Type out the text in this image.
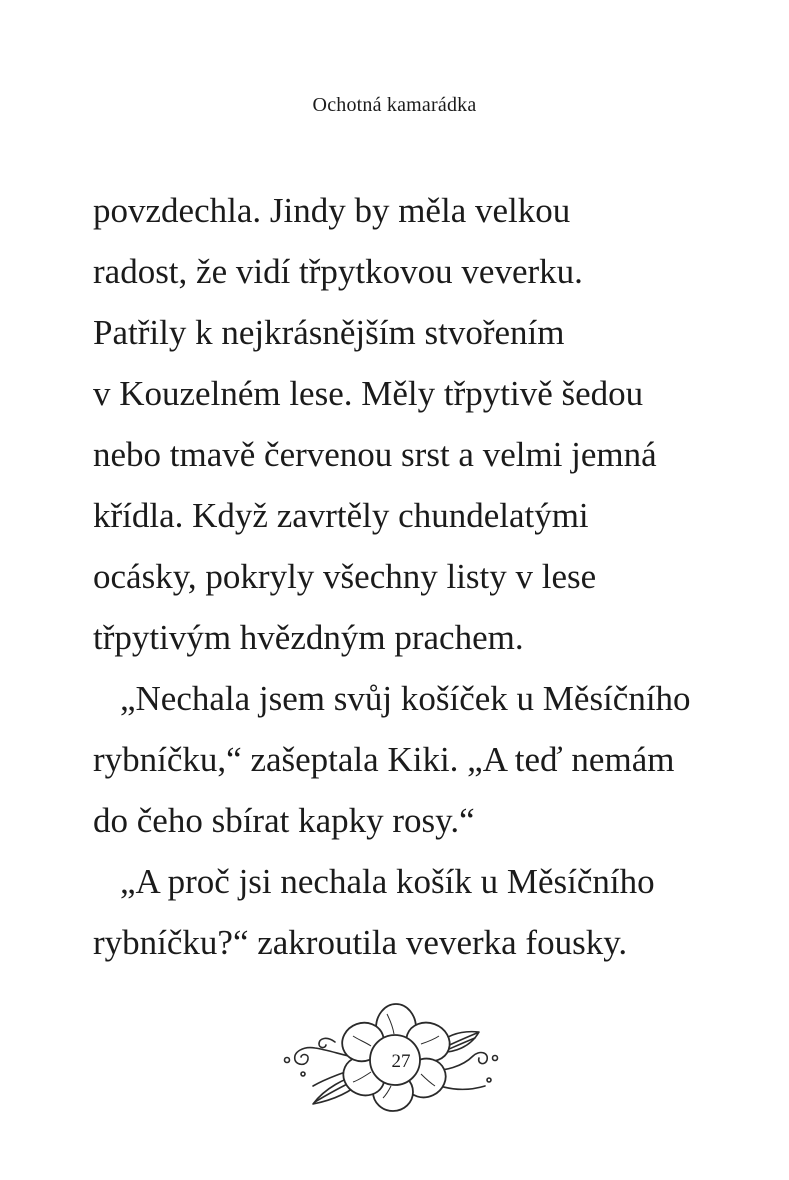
Ochotná kamarádka
povzdechla. Jindy by měla velkou
radost, že vidí třpytkovou veverku.
Patřily k nejkrásnějším stvořením
v Kouzelném lese. Měly třpytivě šedou
nebo tmavě červenou srst a velmi jemná
křídla. Když zavrtěly chundelatými
ocásky, pokryly všechny listy v lese
třpytivým hvězdným prachem.
„Nechala jsem svůj košíček u Měsíčního
rybníčku,“ zašeptala Kiki. „A teď nemám
do čeho sbírat kapky rosy.“
„A proč jsi nechala košík u Měsíčního
rybníčku?“ zakroutila veverka fousky.
27
